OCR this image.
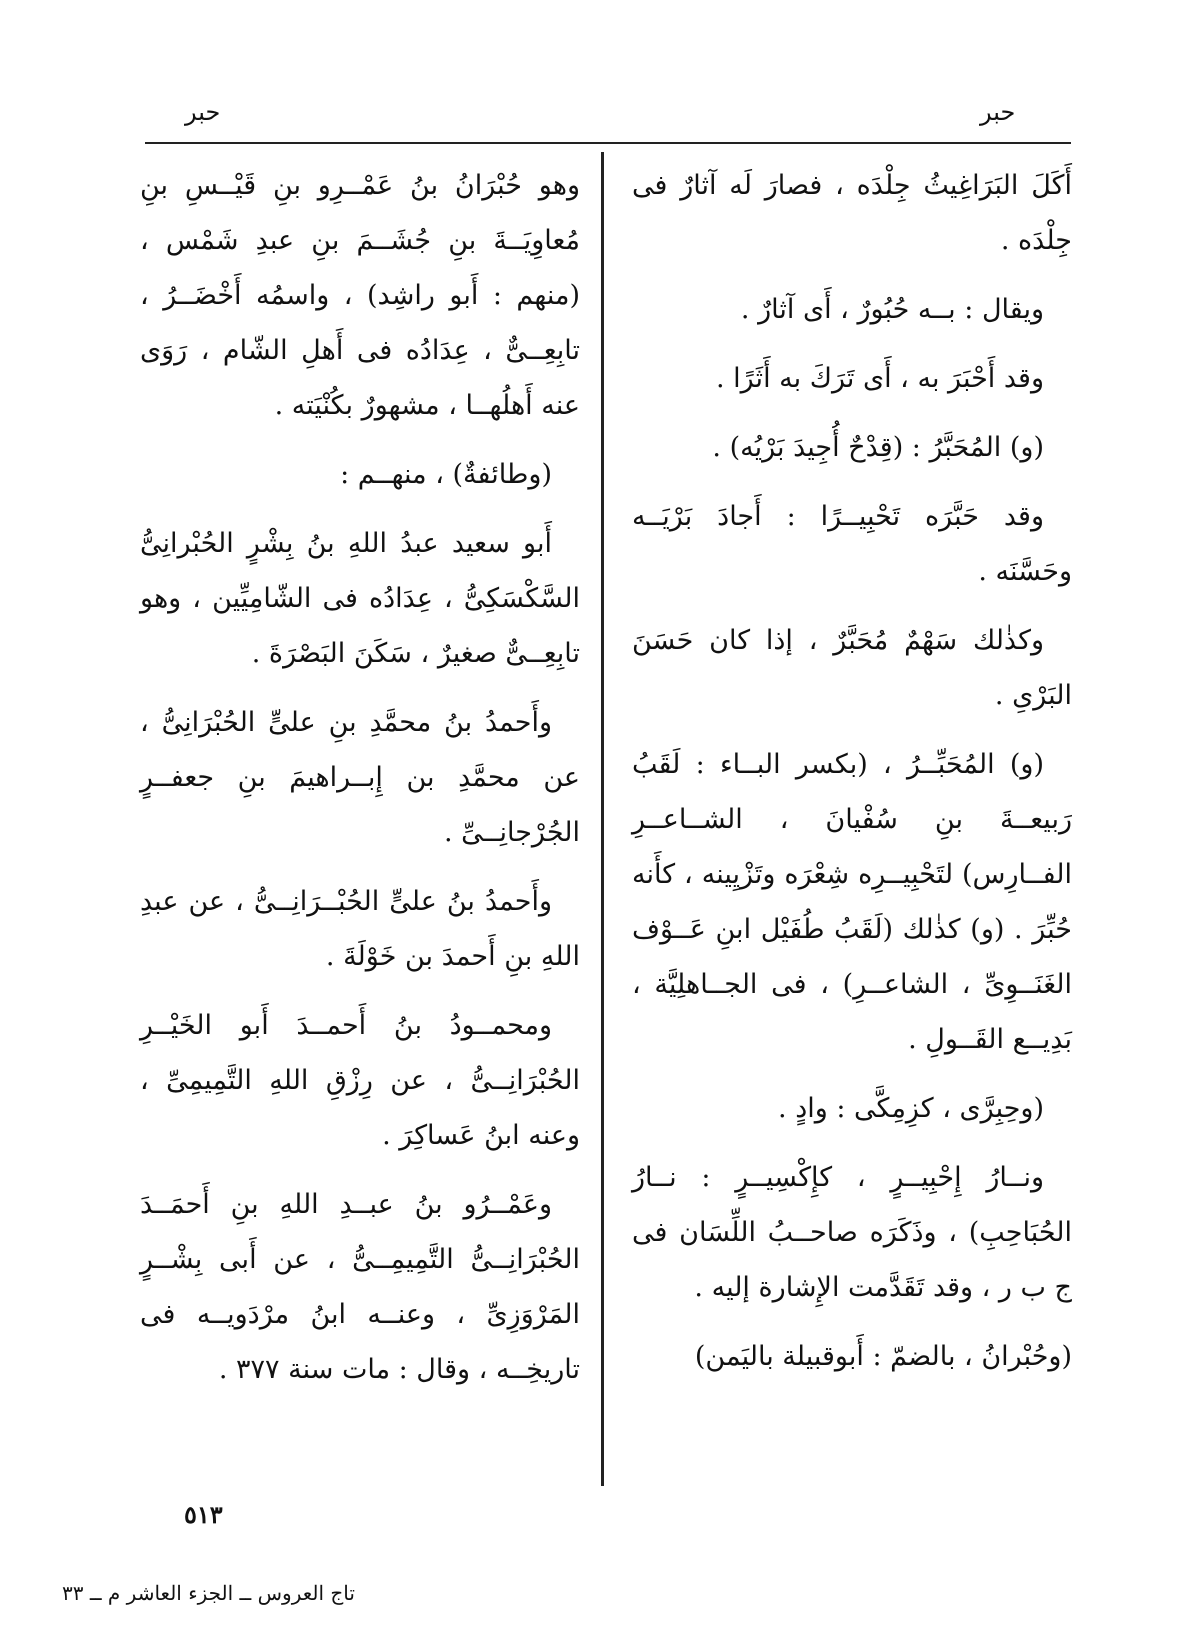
حبر
حبر

أَكَلَ البَرَاغِيثُ جِلْدَه ، فصارَ لَه آثارٌ فى جِلْدَه .

ويقال : بــه حُبُورٌ ، أَى آثارٌ .

وقد أَحْبَرَ به ، أَى تَرَكَ به أَثَرًا .

(و) المُحَبَّرُ : (قِدْحٌ أُجِيدَ بَرْيُه) .

وقد حَبَّرَه تَحْبِيــرًا : أَجادَ بَرْيَــه وحَسَّنَه .

وكذٰلك سَهْمٌ مُحَبَّرٌ ، إذا كان حَسَنَ البَرْىِ .

(و) المُحَبِّــرُ ، (بكسر البــاء : لَقَبُ رَبيعــةَ بنِ سُفْيانَ ، الشــاعــرِ الفــارِس) لتَحْبِيــرِه شِعْرَه وتَزْيِينه ، كأَنه حُبِّرَ . (و) كذٰلك (لَقَبُ طُفَيْل ابنِ عَــوْف الغَنَــوِىِّ ، الشاعــرِ) ، فى الجــاهلِيَّة ، بَدِيــع القَــولِ .

(وحِبِرَّى ، كزِمِكَّى : وادٍ .

ونــارُ إِحْبِيــرٍ ، كإِكْسِيــرٍ : نــارُ الحُبَاحِبِ) ، وذَكَرَه صاحــبُ اللِّسَان فى ج ب ر ، وقد تَقَدَّمت الإِشارة إليه .

(وحُبْرانُ ، بالضمّ : أَبوقبيلة باليَمن)

وهو حُبْرَانُ بنُ عَمْــرِو بنِ قَيْــسِ بنِ مُعاوِيَــةَ بنِ جُشَــمَ بنِ عبدِ شَمْس ، (منهم : أَبو راشِد) ، واسمُه أَخْضَــرُ ، تابِعِــىٌّ ، عِدَادُه فى أَهلِ الشّام ، رَوَى عنه أَهلُهــا ، مشهورٌ بكُنْيَته .

(وطائفةٌ) ، منهــم :

أَبو سعيد عبدُ اللهِ بنُ بِشْرٍ الحُبْرانِىُّ السَّكْسَكِىُّ ، عِدَادُه فى الشّامِيِّين ، وهو تابِعِــىٌّ صغيرٌ ، سَكَنَ البَصْرَةَ .

وأَحمدُ بنُ محمَّدِ بنِ علىٍّ الحُبْرَانِىُّ ، عن محمَّدِ بن إِبــراهيمَ بنِ جعفــرٍ الجُرْجانِــىِّ .

وأَحمدُ بنُ علىٍّ الحُبْــرَانِــىُّ ، عن عبدِ اللهِ بنِ أَحمدَ بن خَوْلَةَ .

ومحمــودُ بنُ أَحمــدَ أَبو الخَيْــرِ الحُبْرَانِــىُّ ، عن رِزْقِ اللهِ التَّمِيمِىِّ ، وعنه ابنُ عَساكِرَ .

وعَمْــرُو بنُ عبــدِ اللهِ بنِ أَحمَــدَ الحُبْرَانِــىُّ التَّمِيمِــىُّ ، عن أَبى بِشْــرٍ المَرْوَزِىِّ ، وعنــه ابنُ مرْدَويــه فى تاريخِــه ، وقال : مات سنة ٣٧٧ .

٥١٣
تاج العروس ــ الجزء العاشر م ــ ٣٣
